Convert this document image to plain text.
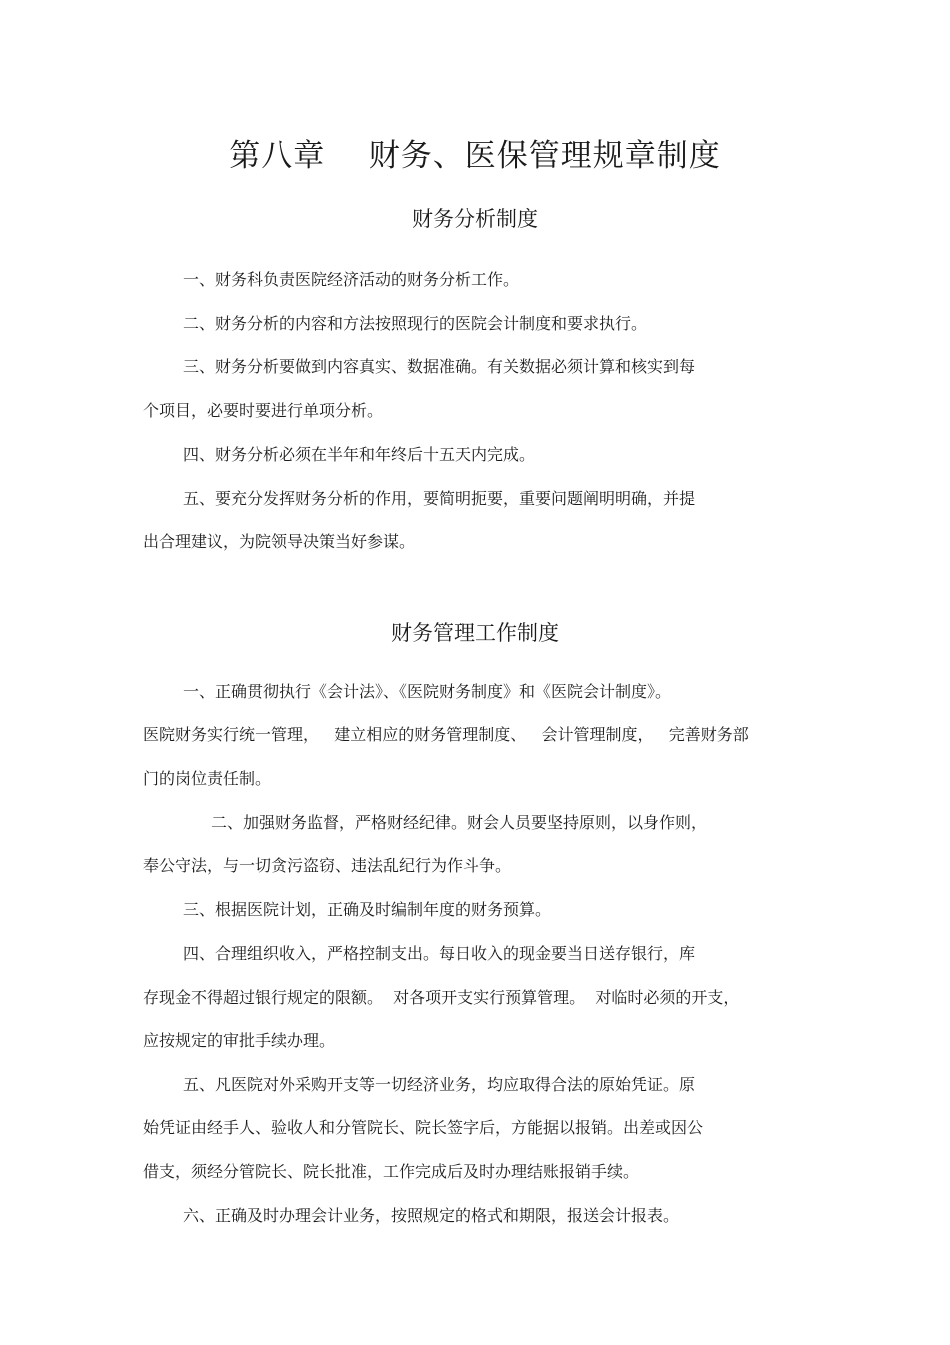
第八章    财务、医保管理规章制度
财务分析制度
一、财务科负责医院经济活动的财务分析工作。
二、财务分析的内容和方法按照现行的医院会计制度和要求执行。
三、财务分析要做到内容真实、数据准确。有关数据必须计算和核实到每
个项目，必要时要进行单项分析。
四、财务分析必须在半年和年终后十五天内完成。
五、要充分发挥财务分析的作用，要简明扼要，重要问题阐明明确，并提
出合理建议，为院领导决策当好参谋。
财务管理工作制度
一、正确贯彻执行《会计法》、《医院财务制度》和《医院会计制度》。
医院财务实行统一管理，   建立相应的财务管理制度、   会计管理制度，   完善财务部
门的岗位责任制。
二、加强财务监督，严格财经纪律。财会人员要坚持原则，以身作则，
奉公守法，与一切贪污盗窃、违法乱纪行为作斗争。
三、根据医院计划，正确及时编制年度的财务预算。
四、合理组织收入，严格控制支出。每日收入的现金要当日送存银行，库
存现金不得超过银行规定的限额。  对各项开支实行预算管理。  对临时必须的开支，
应按规定的审批手续办理。
五、凡医院对外采购开支等一切经济业务，均应取得合法的原始凭证。原
始凭证由经手人、验收人和分管院长、院长签字后，方能据以报销。出差或因公
借支，须经分管院长、院长批准，工作完成后及时办理结账报销手续。
六、正确及时办理会计业务，按照规定的格式和期限，报送会计报表。
